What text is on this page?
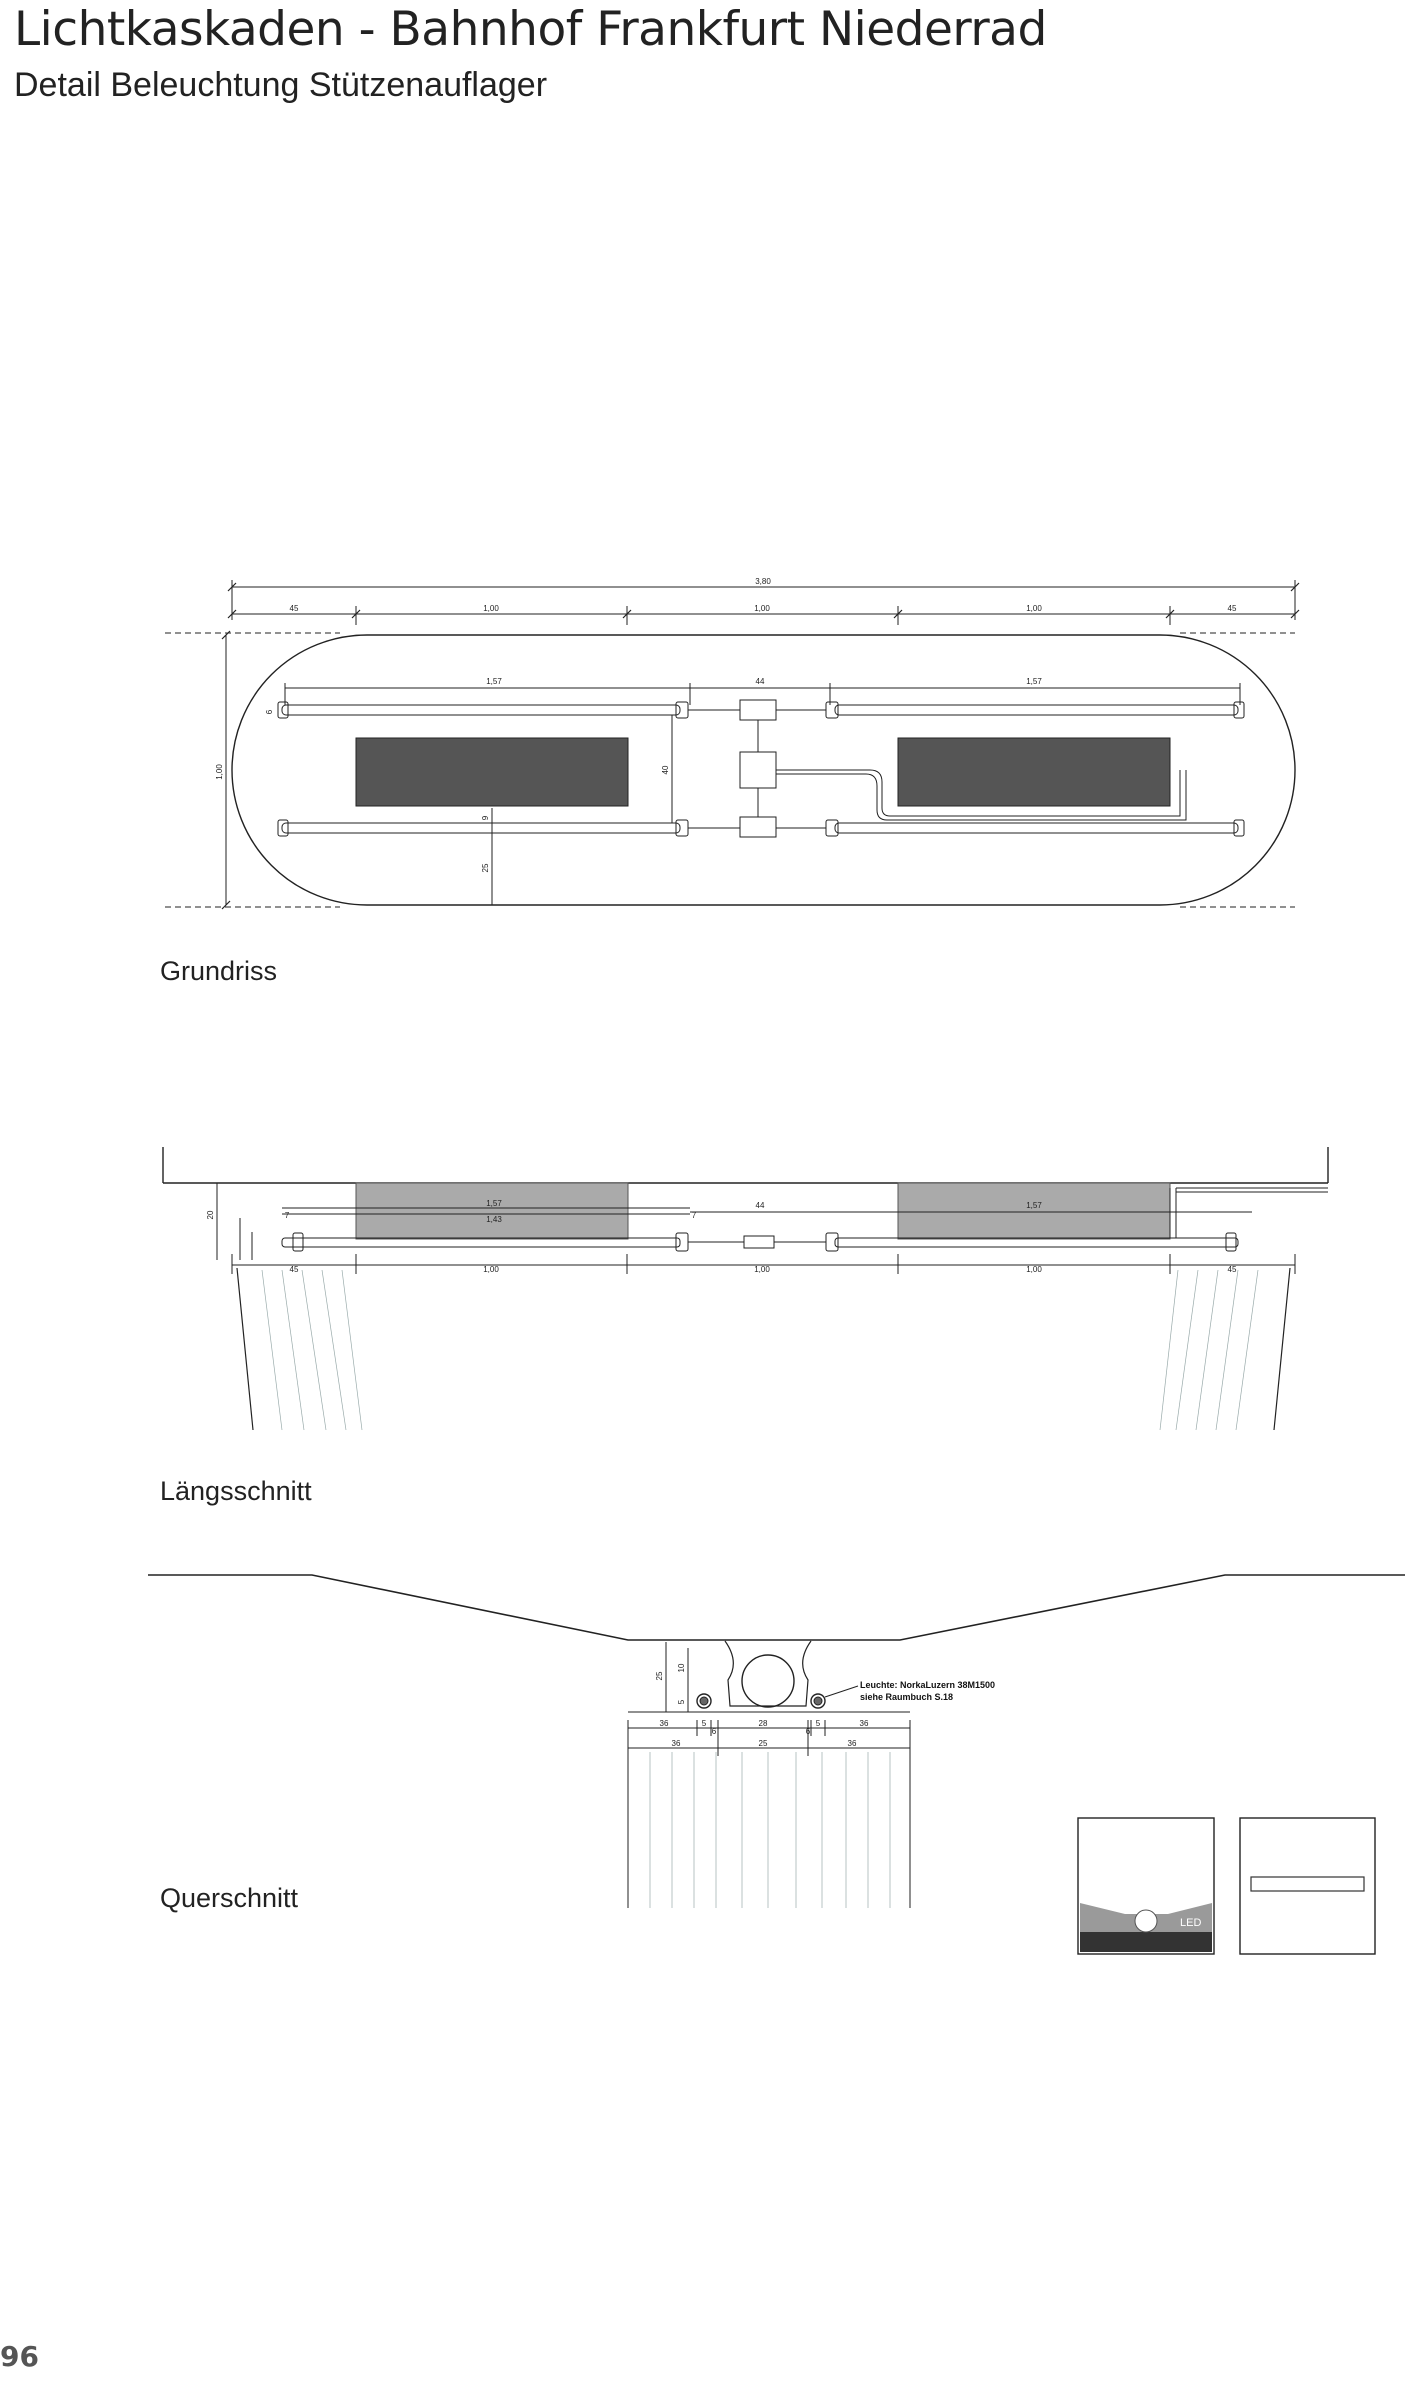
Lichtkaskaden - Bahnhof Frankfurt Niederrad
Detail Beleuchtung Stützenauflager
3,80
45	1,00	1,00	1,00	45
1,57	44	1,57
1,00	40
9
25
6
1,57
1,43
44	1,57
20	7	7
45	1,00	1,00	1,00	45
Leuchte: NorkaLuzern 38M1500
siehe Raumbuch S.18
25
10
5
36	5
6
28
6
5	36
36	25	36
LED
Grundriss
Längsschnitt
Querschnitt
96
